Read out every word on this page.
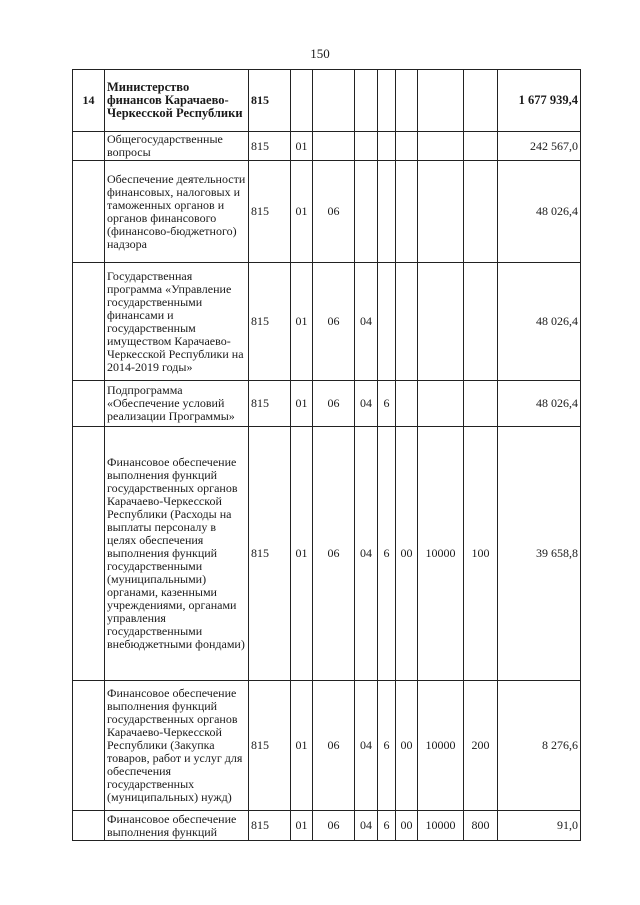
150
14	Министерство финансов Карачаево-Черкесской Республики	815								1 677 939,4
	Общегосударственные вопросы	815	01							242 567,0
	Обеспечение деятельности финансовых, налоговых и таможенных органов и органов финансового (финансово-бюджетного) надзора	815	01	06						48 026,4
	Государственная программа «Управление государственными финансами и государственным имуществом Карачаево-Черкесской Республики на 2014-2019 годы»	815	01	06	04					48 026,4
	Подпрограмма «Обеспечение условий реализации Программы»	815	01	06	04	6				48 026,4
	Финансовое обеспечение выполнения функций государственных органов Карачаево-Черкесской Республики (Расходы на выплаты персоналу в целях обеспечения выполнения функций государственными (муниципальными) органами, казенными учреждениями, органами управления государственными внебюджетными фондами)	815	01	06	04	6	00	10000	100	39 658,8
	Финансовое обеспечение выполнения функций государственных органов Карачаево-Черкесской Республики (Закупка товаров, работ и услуг для обеспечения государственных (муниципальных) нужд)	815	01	06	04	6	00	10000	200	8 276,6
	Финансовое обеспечение выполнения функций	815	01	06	04	6	00	10000	800	91,0
